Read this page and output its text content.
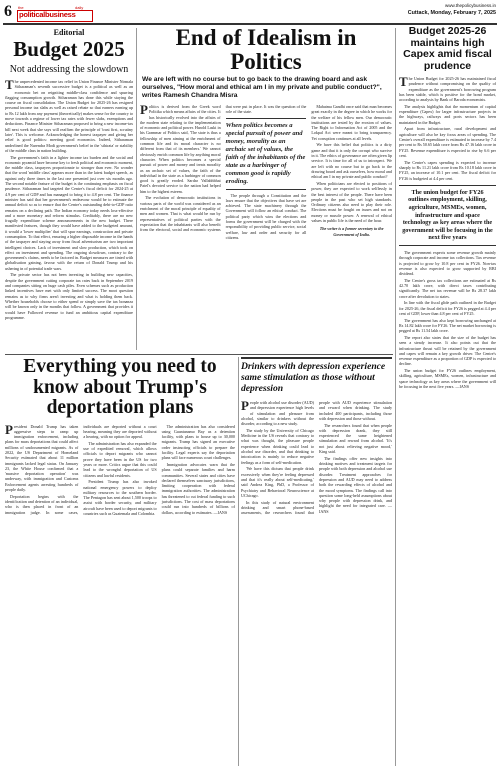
6 the
politicalbusiness
daily	www.thepolicybusiness.in
Cuttack, Monday, February 7, 2025
Editorial
Budget 2025
Not addressing the slowdown

The unprecedented income tax relief in Union Finance Minister Nirmala Sitharaman's seventh successive budget is a political as well as an economic bet on reigniting middle-class confidence and spurring flagging consumption growth. Sitharaman has done this while staying the course on fiscal consolidation. The Union Budget for 2025-26 has resigned personal income tax slabs as well as raised rebate so that earners earning up to Rs 12 lakh from any payment (theoretically) makes sense for the country to move towards a regime of lower tax rates with fewer slabs, exemptions and deductions. Finance Minister Sitharaman proposed to bring a new income-tax bill next week that she says will reaffirm the principle of 'trust first, scrutiny later'. This is welcome. Acknowledging the honest taxpayer and giving her relief is good politics: meeting good economics. Indeed, Sitharaman underlined the Narendra Modi government's belief in the 'sthirata' or stability of the middle class in nation building.

The government's faith in a lighter income tax burden and the social and economic pyramid have become key to fresh political and economic moment, the middle class, taxpayers proportionate to stronger than ever. No wonder that the word 'middle class' appears more than in the latest budget speech, as against only three times in the last one presented just over six months ago. The second notable feature of the budget is the continuing emphasis on fiscal prudence. Sitharaman had targeted the Centre's fiscal deficit for 2024-25 at 4.9 per cent of GDP and has managed to bring it to 4.8 per cent. The finance minister has said that her government's endeavour would be to estimate the annual deficit so as to ensure that the Centre's outstanding debt-to-GDP ratio remains on a declining path. The Indian economy today needs loss-effective and a more monetary and reform stimulus. Creditably, there are no new frugally expenditure scheme announcements in the new budget. There manifested features, though they would have added to the budgeted amount, it would a 'lower multiplier' that will spur earnings, construction and private consumption. To that effect, ensuring a higher disposable income in the hands of the taxpayer and staying away from fiscal adventurism are two important intelligent choices. Lack of investment and slow production, which took on effect on investment and spending. The ongoing slowdown, contrary to the government's claims, needs to be factored in. Budget measures are tinted with globalisation gaining, favour with the return of Donald Trump and his ushering in of potential trade wars.

The private sector has not been investing in building new capacities, despite the government cutting corporate tax rates back in September 2019 and companies sitting on huge cash piles. Even schemes such as production linked incentives have met with only limited success. The moot question remains as to why firms aren't investing and what is holding them back. Whether households choose to either spend or simply save the tax bonanza will be known only in the months that follow. A government that provides it would have Fallowed revenue to fund an ambitious capital expenditure programme.

End of Idealism in Politics
We are left with no course but to go back to the drawing board and ask ourselves, "How moral and ethical am I in my private and public conduct?", writes Ramesh Chandra Misra

Politics is derived from the Greek word Politika which means affairs of the cities. It has historically evolved into the affairs of the modern state relating to the implementation of economic and political power. Harold Laski in his Grammar of Politics said, 'The state is thus a fellowship of men aiming at the enrichment of common life and its moral character is no different from that of its members.' We cannot obviously enrich common life by anything moral character. When politics becomes a special pursuit of power and money and treats morality as an archaic set of values, the faith of the individual in the state as a harbinger of common good is greatly eroded. Sardar Vallabhbhai Patel's devoted service to the nation had helped him to the highest esteem.

The evolution of democratic institutions in various parts of the world was considered as an enrichment of the moral principle of equality of men and women. That is what would be run by representatives of political parties with the expectation that the inhabitants will also benefit from the electoral, social and economic systems that were put in place. It was the question of the role of the state.

When politics becomes a special pursuit of power and money, morality as an archaic set of values, the faith of the inhabitants of the state as a harbinger of common good is rapidly eroding.

The people through a Constitution and the laws ensure that the objectives that have set are achieved. The state machinery through the Government will follow an ethical conduct. The political party which wins the elections and forms the government will be charged with the responsibility of providing public service, social welfare, law and order and security for all citizens.

Mahatma Gandhi once said that man becomes great exactly in the degree in which he works for the welfare of his fellow men. Our democratic institutions are tested by the erosion of values. The Right to Information Act of 2005 and the Lokpal Act were meant to bring transparency. Yet corruption continues at all levels.

We have this belief that politics is a dirty game and that it is only the corrupt who survive in it. The ethics of governance are often given lip service. It is time for all of us to introspect. We are left with no course but to go back to the drawing board and ask ourselves, how moral and ethical am I in my private and public conduct?

When politicians are elected to positions of power, they are expected to work selflessly in the best interest of the people. There have been people in the past who set high standards. Ordinary citizens also need to play their role. Elections must be fought on issues and not on money or muscle power. A renewal of ethical values in public life is the need of the hour.

The writer is a former secretary to the Government of India.
Budget 2025-26 maintains high Capex amid fiscal prudence

The Union Budget for 2025-26 has maintained fiscal prudence without compromising on the quality of expenditure as the government's borrowing program has been stable, which is positive for the bond market, according to analysis by Bank of Baroda economists.

The analysis highlights that the momentum of capital expenditure (Capex) for larger infrastructure projects in the highways, railways and ports sectors has been maintained in the Budget.

Apart from infrastructure, rural development and agriculture will also be key focus areas of spending. The Centre's overall expenditure is estimated to increase by 7.4 per cent to Rs 50.65 lakh crore from Rs 47.16 lakh crore in FY25. Revenue expenditure is expected to rise by 6.6 per cent.

The Centre's capex spending is expected to increase sharply to Rs 11.21 lakh crore from Rs 10.18 lakh crore in FY25, an increase of 10.1 per cent. The fiscal deficit for FY26 is budgeted at 4.4 per cent.

The union budget for FY26 outlines employment, skilling, agriculture, MSMEs, women, infrastructure and space technology as key areas where the government will be focusing in the next five years

The government expects some revenue growth mainly through corporate and income tax collections. Tax revenue is projected to grow by 10.8 per cent in FY26. Non-tax revenue is also expected to grow supported by RBI dividend.

The Centre's gross tax collections are estimated at Rs 42.70 lakh crore, with direct taxes contributing significantly. The net tax revenue will be Rs 28.37 lakh crore after devolution to states.

In line with the fiscal glide path outlined in the Budget for 2025-26, the fiscal deficit for FY26 is pegged at 4.4 per cent of GDP, lower than 4.8 per cent of FY25.

The government has also kept borrowing unchanged at Rs 14.82 lakh crore for FY26. The net market borrowing is pegged at Rs 11.54 lakh crore.

The report also states that the size of the budget has seen a steady increase. It also points out that the infrastructure thrust will be retained by the government and capex will remain a key growth driver. The Centre's revenue expenditure as a proportion of GDP is expected to decline.

The union budget for FY26 outlines employment, skilling, agriculture, MSMEs, women, infrastructure and space technology as key areas where the government will be focusing in the next five years. —IANS

Everything you need to know about Trump's deportation plans

President Donald Trump has taken aggressive steps to ramp up immigration enforcement, including plans for mass deportations that could affect millions of undocumented migrants. As of 2022, the US Department of Homeland Security estimated that about 11 million immigrants lacked legal status. On January 23, the White House confirmed that a 'massive deportation operation' was underway, with immigration and Customs Enforcement agents arresting hundreds of people daily.

Deportation begins with the identification and detention of an individual, who is then placed in front of an immigration judge. In some cases, individuals are deported without a court hearing, meaning they are deported without a hearing, with no option for appeal.

The administration has also expanded the use of expedited removal, which allows officials to deport migrants who cannot prove they have been in the US for two years or more. Critics argue that this could lead to the wrongful deportation of US citizens and lawful residents.

President Trump has also invoked national emergency powers to deploy military resources to the southern border. The Pentagon has sent about 1,500 troops to assist with border security, and military aircraft have been used to deport migrants to countries such as Guatemala and Colombia.

The administration has also considered using Guantanamo Bay as a detention facility, with plans to house up to 30,000 migrants. Trump has signed an executive order instructing officials to prepare the facility. Legal experts say the deportation plans will face numerous court challenges.

Immigration advocates warn that the plans could separate families and harm communities. Several states and cities have declared themselves sanctuary jurisdictions, limiting cooperation with federal immigration authorities. The administration has threatened to cut federal funding to such jurisdictions. The cost of mass deportations could run into hundreds of billions of dollars, according to estimates. —IANS

Drinkers with depression experience same stimulation as those without depression

People with alcohol use disorder (AUD) and depression experience high levels of stimulation and pleasure from alcohol, similar to drinkers without the disorder, according to a new study.

The study by the University of Chicago Medicine in the US reveals that contrary to what was thought, the pleasure people experience when drinking could lead to alcohol use disorder, and that drinking to intoxication is mainly to reduce negative feelings as a form of self-medication.

'We have this dictum that people drink excessively when they're feeling depressed and that it's really about self-medicating,' said Andrea King, PhD, a Professor of Psychiatry and Behavioral Neuroscience at UChicago.

In this study of natural environment drinking and smart phone-based assessments, the researchers found that people with AUD experience stimulation and reward when drinking. The study included 400 participants, including those with depression and those without.

The researchers found that when people with depression drank, they still experienced the same heightened stimulation and reward from alcohol. 'It's not just about relieving negative mood,' King said.

The findings offer new insights into drinking motives and treatment targets for people with both depression and alcohol use disorder. Treatment approaches for depression and AUD may need to address both the rewarding effects of alcohol and the mood symptoms. The findings call into question some long-held assumptions about why people with depression drink, and highlight the need for integrated care. —IANS
